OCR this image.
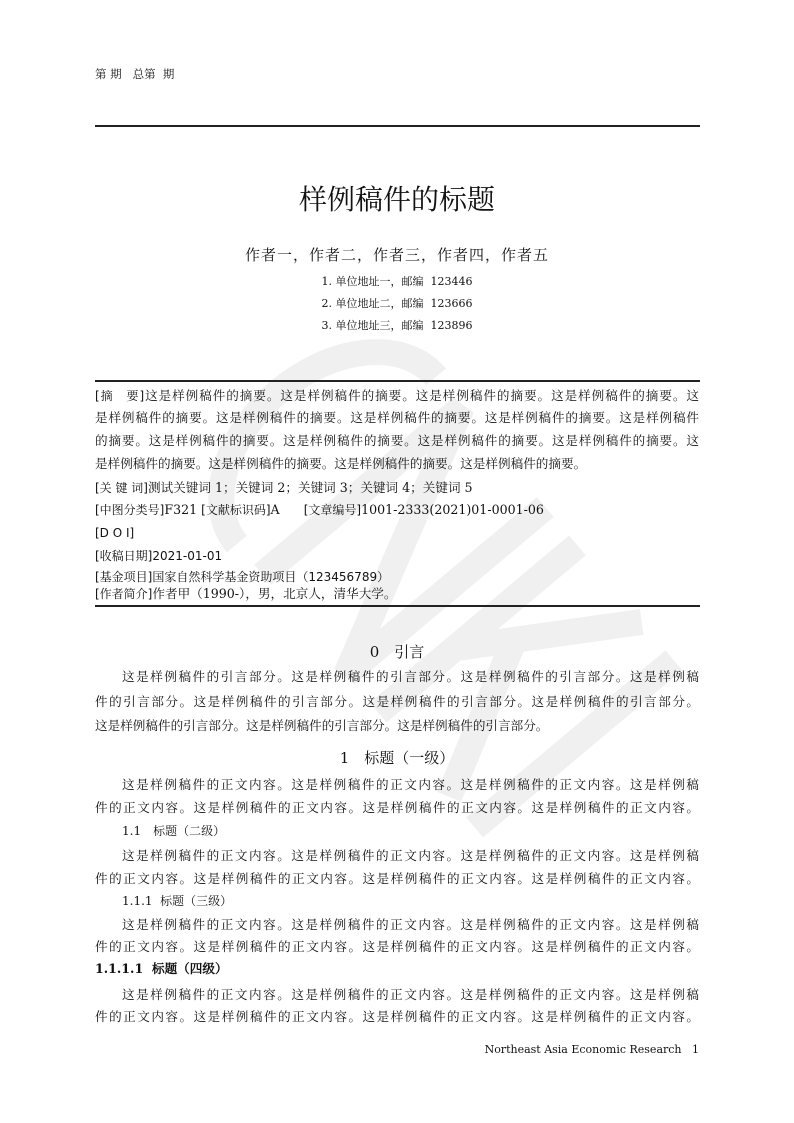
第 期   总第  期
样例稿件的标题
作者一，作者二，作者三，作者四，作者五
1. 单位地址一，邮编  123446
2. 单位地址二，邮编  123666
3. 单位地址三，邮编  123896
[摘　要]这是样例稿件的摘要。这是样例稿件的摘要。这是样例稿件的摘要。这是样例稿件的摘要。这
是样例稿件的摘要。这是样例稿件的摘要。这是样例稿件的摘要。这是样例稿件的摘要。这是样例稿件
的摘要。这是样例稿件的摘要。这是样例稿件的摘要。这是样例稿件的摘要。这是样例稿件的摘要。这
是样例稿件的摘要。这是样例稿件的摘要。这是样例稿件的摘要。这是样例稿件的摘要。
[关 键 词]测试关键词 1；关键词 2；关键词 3；关键词 4；关键词 5
[中图分类号]F321 [文献标识码]A [文章编号]1001-2333(2021)01-0001-06
[D O I]
[收稿日期]2021-01-01
[基金项目]国家自然科学基金资助项目（123456789）
[作者简介]作者甲（1990-），男，北京人，清华大学。
0　引言
这是样例稿件的引言部分。这是样例稿件的引言部分。这是样例稿件的引言部分。这是样例稿
件的引言部分。这是样例稿件的引言部分。这是样例稿件的引言部分。这是样例稿件的引言部分。
这是样例稿件的引言部分。这是样例稿件的引言部分。这是样例稿件的引言部分。
1　标题（一级）
这是样例稿件的正文内容。这是样例稿件的正文内容。这是样例稿件的正文内容。这是样例稿
件的正文内容。这是样例稿件的正文内容。这是样例稿件的正文内容。这是样例稿件的正文内容。
1.1　标题（二级）
这是样例稿件的正文内容。这是样例稿件的正文内容。这是样例稿件的正文内容。这是样例稿
件的正文内容。这是样例稿件的正文内容。这是样例稿件的正文内容。这是样例稿件的正文内容。
1.1.1  标题（三级）
这是样例稿件的正文内容。这是样例稿件的正文内容。这是样例稿件的正文内容。这是样例稿
件的正文内容。这是样例稿件的正文内容。这是样例稿件的正文内容。这是样例稿件的正文内容。
1.1.1.1  标题（四级）
这是样例稿件的正文内容。这是样例稿件的正文内容。这是样例稿件的正文内容。这是样例稿
件的正文内容。这是样例稿件的正文内容。这是样例稿件的正文内容。这是样例稿件的正文内容。
Northeast Asia Economic Research 1
